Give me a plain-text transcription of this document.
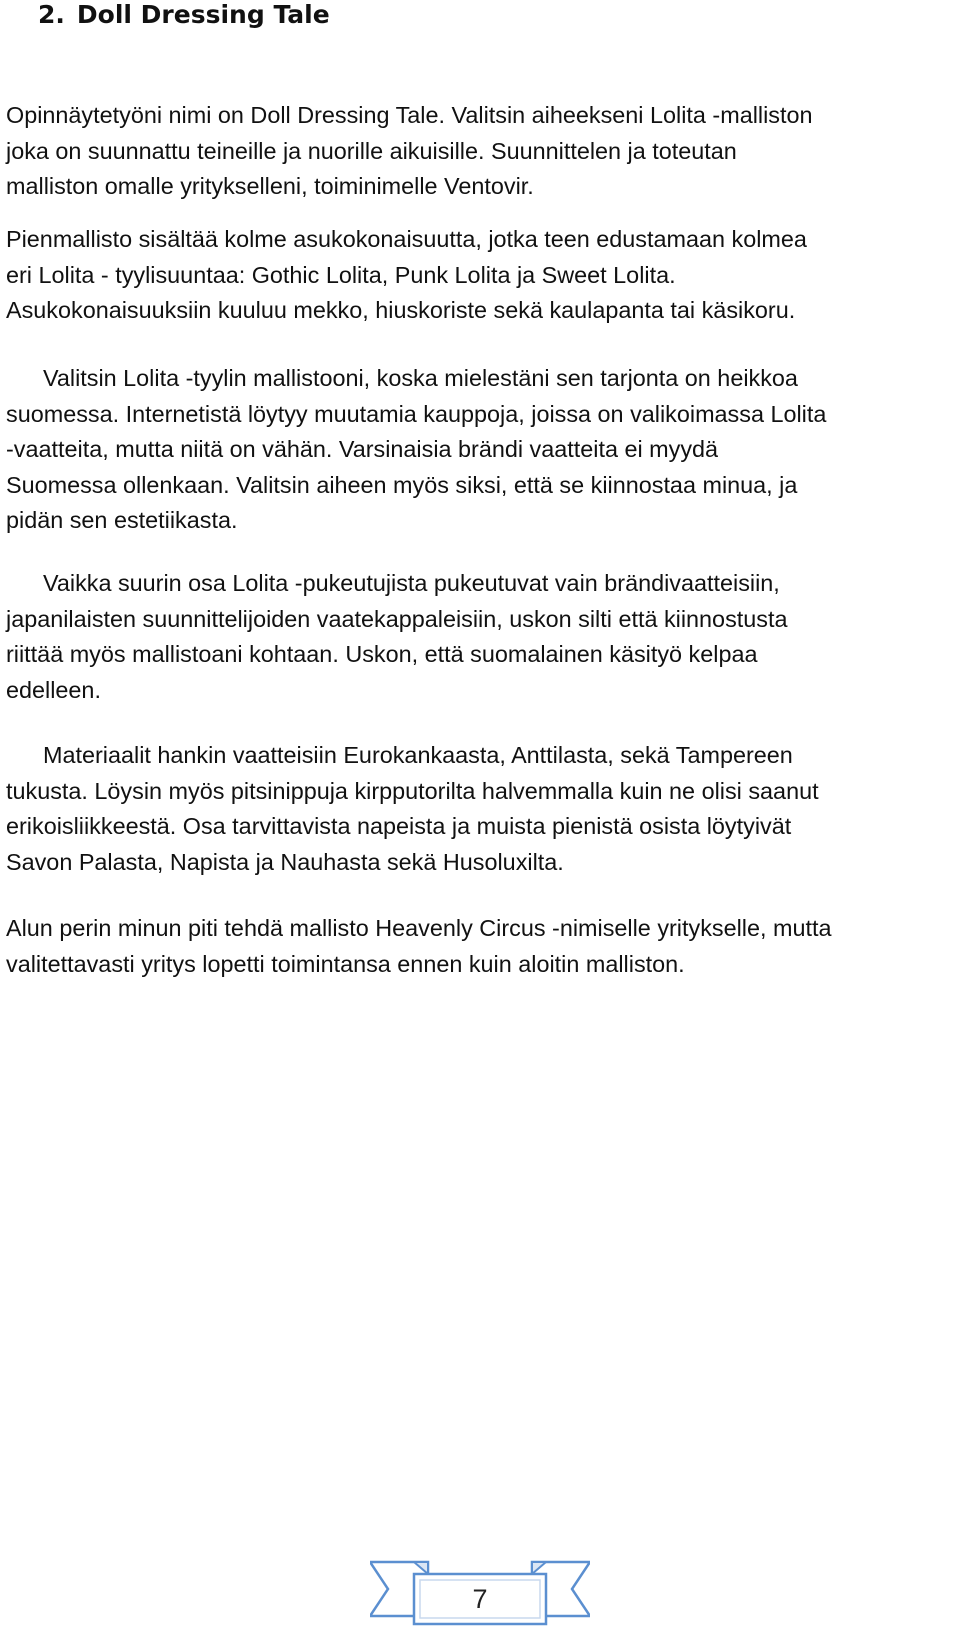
2. Doll Dressing Tale
Opinnäytetyöni nimi on Doll Dressing Tale. Valitsin aiheekseni Lolita -malliston
joka on suunnattu teineille ja nuorille aikuisille. Suunnittelen ja toteutan
malliston omalle yritykselleni, toiminimelle Ventovir.
Pienmallisto sisältää kolme asukokonaisuutta, jotka teen edustamaan kolmea
eri Lolita - tyylisuuntaa: Gothic Lolita, Punk Lolita ja Sweet Lolita.
Asukokonaisuuksiin kuuluu mekko, hiuskoriste sekä kaulapanta tai käsikoru.
Valitsin Lolita -tyylin mallistooni, koska mielestäni sen tarjonta on heikkoa
suomessa. Internetistä löytyy muutamia kauppoja, joissa on valikoimassa Lolita
-vaatteita, mutta niitä on vähän. Varsinaisia brändi vaatteita ei myydä
Suomessa ollenkaan. Valitsin aiheen myös siksi, että se kiinnostaa minua, ja
pidän sen estetiikasta.
Vaikka suurin osa Lolita -pukeutujista pukeutuvat vain brändivaatteisiin,
japanilaisten suunnittelijoiden vaatekappaleisiin, uskon silti että kiinnostusta
riittää myös mallistoani kohtaan. Uskon, että suomalainen käsityö kelpaa
edelleen.
Materiaalit hankin vaatteisiin Eurokankaasta, Anttilasta, sekä Tampereen
tukusta. Löysin myös pitsinippuja kirpputorilta halvemmalla kuin ne olisi saanut
erikoisliikkeestä. Osa tarvittavista napeista ja muista pienistä osista löytyivät
Savon Palasta, Napista ja Nauhasta sekä Husoluxilta.
Alun perin minun piti tehdä mallisto Heavenly Circus -nimiselle yritykselle, mutta
valitettavasti yritys lopetti toimintansa ennen kuin aloitin malliston.
7
